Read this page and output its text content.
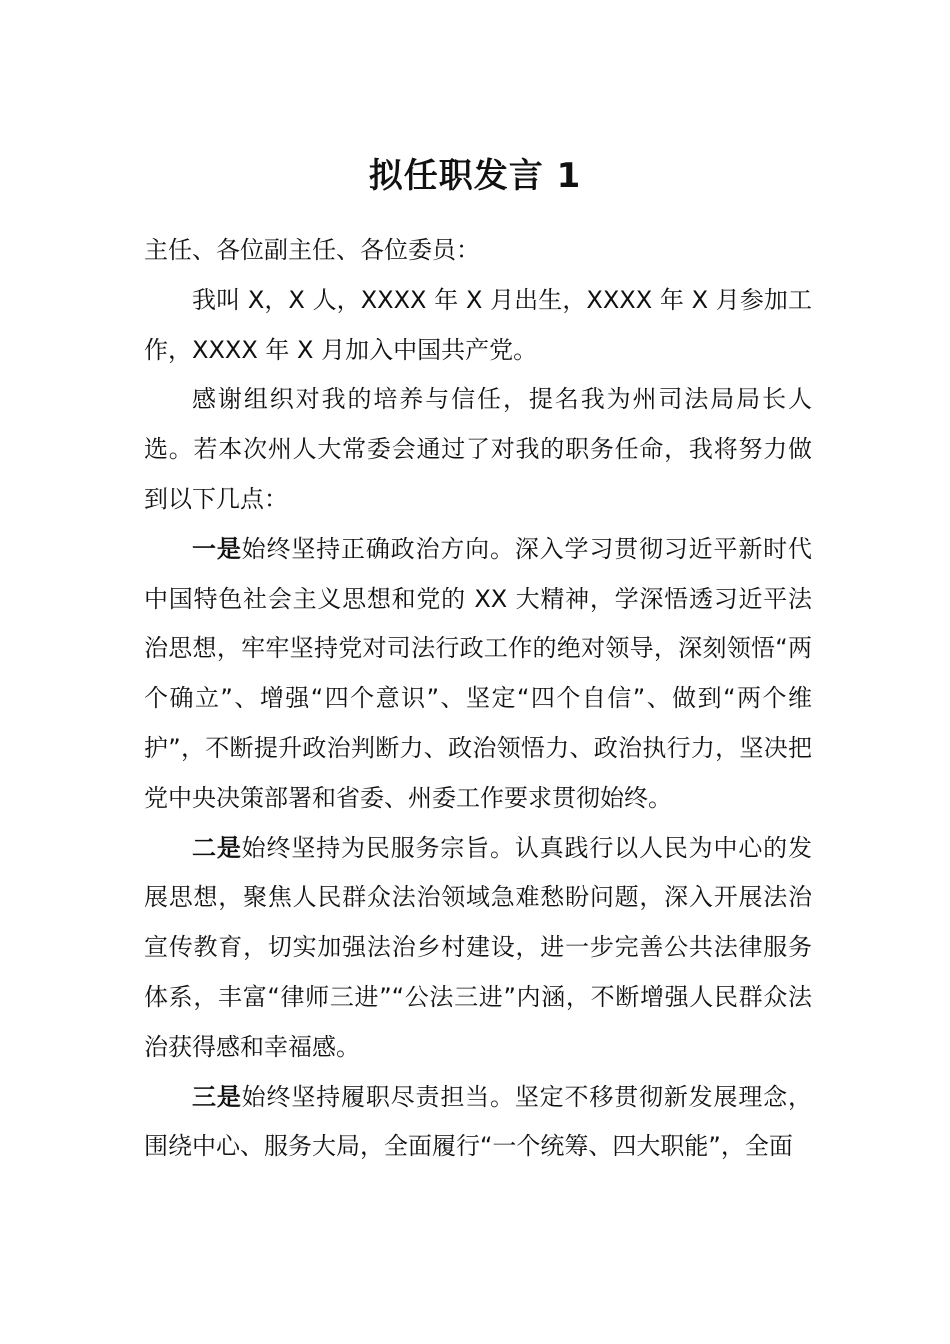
拟任职发言 1

主任、各位副主任、各位委员：

我叫 X，X 人，XXXX 年 X 月出生，XXXX 年 X 月参加工作，XXXX 年 X 月加入中国共产党。

感谢组织对我的培养与信任，提名我为州司法局局长人选。若本次州人大常委会通过了对我的职务任命，我将努力做到以下几点：

一是始终坚持正确政治方向。深入学习贯彻习近平新时代中国特色社会主义思想和党的 XX 大精神，学深悟透习近平法治思想，牢牢坚持党对司法行政工作的绝对领导，深刻领悟“两个确立”、增强“四个意识”、坚定“四个自信”、做到“两个维护”，不断提升政治判断力、政治领悟力、政治执行力，坚决把党中央决策部署和省委、州委工作要求贯彻始终。

二是始终坚持为民服务宗旨。认真践行以人民为中心的发展思想，聚焦人民群众法治领域急难愁盼问题，深入开展法治宣传教育，切实加强法治乡村建设，进一步完善公共法律服务体系，丰富“律师三进”“公法三进”内涵，不断增强人民群众法治获得感和幸福感。

三是始终坚持履职尽责担当。坚定不移贯彻新发展理念，围绕中心、服务大局，全面履行“一个统筹、四大职能”，全面
